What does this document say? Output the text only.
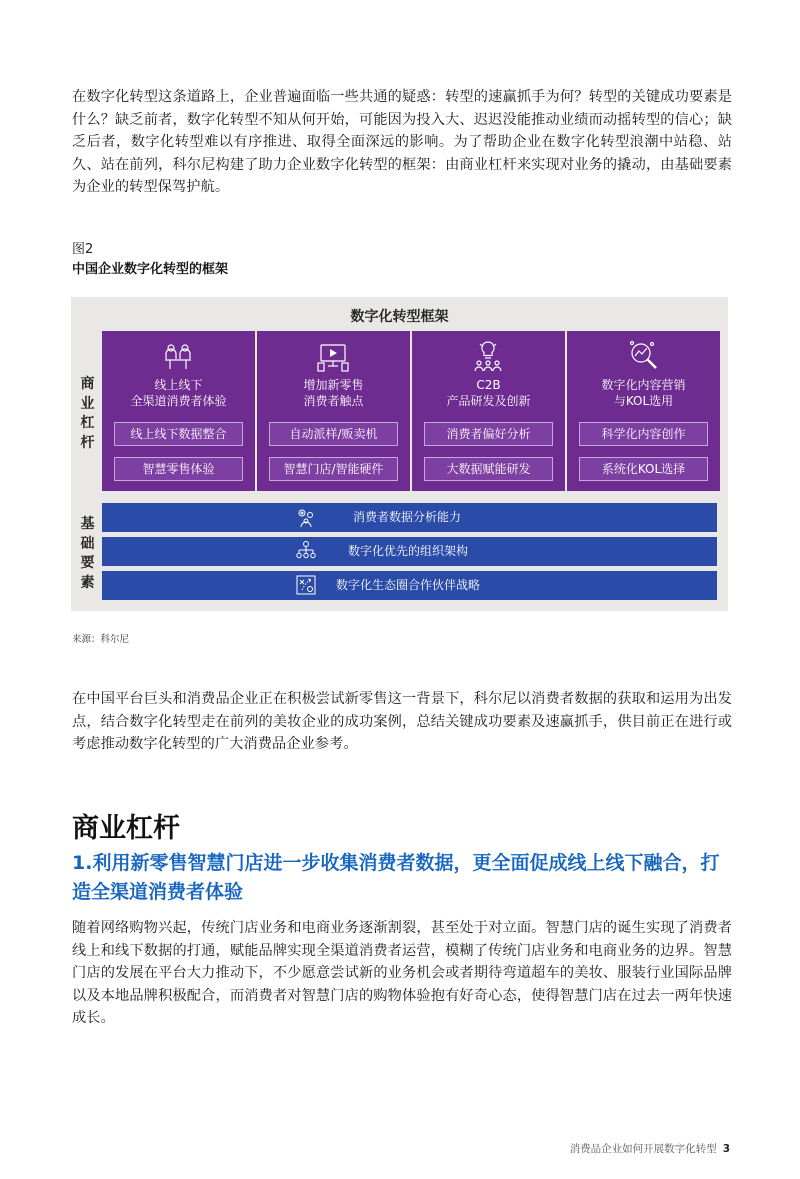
在数字化转型这条道路上，企业普遍面临一些共通的疑惑：转型的速赢抓手为何？转型的关键成功要素是什么？缺乏前者，数字化转型不知从何开始，可能因为投入大、迟迟没能推动业绩而动摇转型的信心；缺乏后者，数字化转型难以有序推进、取得全面深远的影响。为了帮助企业在数字化转型浪潮中站稳、站久、站在前列，科尔尼构建了助力企业数字化转型的框架：由商业杠杆来实现对业务的撬动，由基础要素为企业的转型保驾护航。

图2
中国企业数字化转型的框架
数字化转型框架
商
业
杠
杆
基
础
要
素
线上线下
全渠道消费者体验
线上线下数据整合
智慧零售体验
增加新零售
消费者触点
自动派样/贩卖机
智慧门店/智能硬件
C2B
产品研发及创新
消费者偏好分析
大数据赋能研发
数字化内容营销
与KOL选用
科学化内容创作
系统化KOL选择
消费者数据分析能力
数字化优先的组织架构
数字化生态圈合作伙伴战略
来源：科尔尼

在中国平台巨头和消费品企业正在积极尝试新零售这一背景下，科尔尼以消费者数据的获取和运用为出发点，结合数字化转型走在前列的美妆企业的成功案例，总结关键成功要素及速赢抓手，供目前正在进行或考虑推动数字化转型的广大消费品企业参考。

商业杠杆
1.利用新零售智慧门店进一步收集消费者数据，更全面促成线上线下融合，打造全渠道消费者体验

随着网络购物兴起，传统门店业务和电商业务逐渐割裂，甚至处于对立面。智慧门店的诞生实现了消费者线上和线下数据的打通，赋能品牌实现全渠道消费者运营，模糊了传统门店业务和电商业务的边界。智慧门店的发展在平台大力推动下，不少愿意尝试新的业务机会或者期待弯道超车的美妆、服装行业国际品牌以及本地品牌积极配合，而消费者对智慧门店的购物体验抱有好奇心态，使得智慧门店在过去一两年快速成长。

消费品企业如何开展数字化转型 3
